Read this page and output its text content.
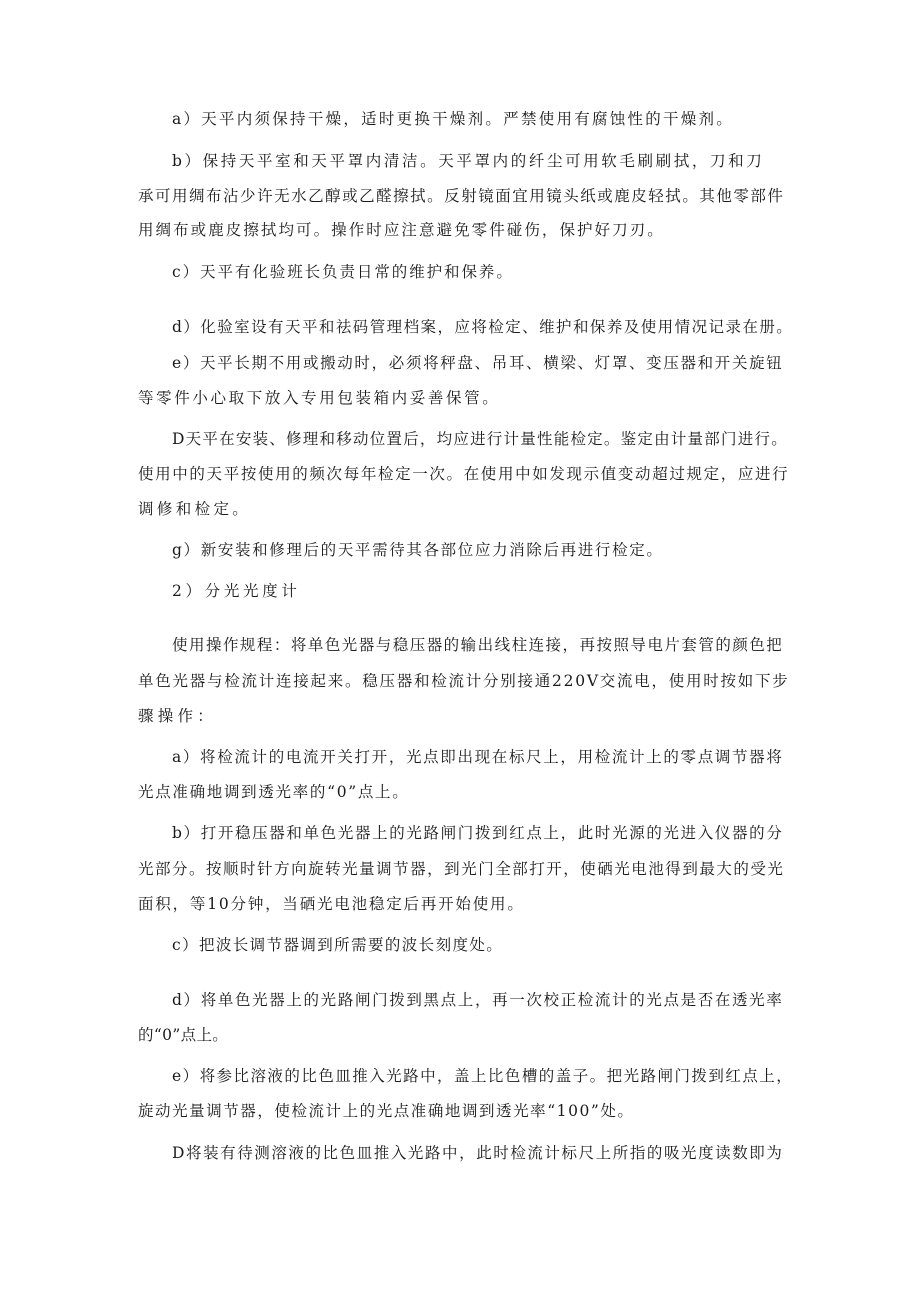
a）天平内须保持干燥，适时更换干燥剂。严禁使用有腐蚀性的干燥剂。
b）保持天平室和天平罩内清洁。天平罩内的纤尘可用软毛刷刷拭，刀和刀
承可用绸布沾少许无水乙醇或乙醛擦拭。反射镜面宜用镜头纸或鹿皮轻拭。其他零部件
用绸布或鹿皮擦拭均可。操作时应注意避免零件碰伤，保护好刀刃。
c）天平有化验班长负责日常的维护和保养。
d）化验室设有天平和祛码管理档案，应将检定、维护和保养及使用情况记录在册。
e）天平长期不用或搬动时，必须将秤盘、吊耳、横梁、灯罩、变压器和开关旋钮
等零件小心取下放入专用包装箱内妥善保管。
D天平在安装、修理和移动位置后，均应进行计量性能检定。鉴定由计量部门进行。
使用中的天平按使用的频次每年检定一次。在使用中如发现示值变动超过规定，应进行
调修和检定。
g）新安装和修理后的天平需待其各部位应力消除后再进行检定。
2）分光光度计
使用操作规程：将单色光器与稳压器的输出线柱连接，再按照导电片套管的颜色把
单色光器与检流计连接起来。稳压器和检流计分别接通220V交流电，使用时按如下步
骤操作：
a）将检流计的电流开关打开，光点即出现在标尺上，用检流计上的零点调节器将
光点准确地调到透光率的“0”点上。
b）打开稳压器和单色光器上的光路闸门拨到红点上，此时光源的光进入仪器的分
光部分。按顺时针方向旋转光量调节器，到光门全部打开，使硒光电池得到最大的受光
面积，等10分钟，当硒光电池稳定后再开始使用。
c）把波长调节器调到所需要的波长刻度处。
d）将单色光器上的光路闸门拨到黑点上，再一次校正检流计的光点是否在透光率
的“0”点上。
e）将参比溶液的比色皿推入光路中，盖上比色槽的盖子。把光路闸门拨到红点上，
旋动光量调节器，使检流计上的光点准确地调到透光率“100”处。
D将装有待测溶液的比色皿推入光路中，此时检流计标尺上所指的吸光度读数即为
